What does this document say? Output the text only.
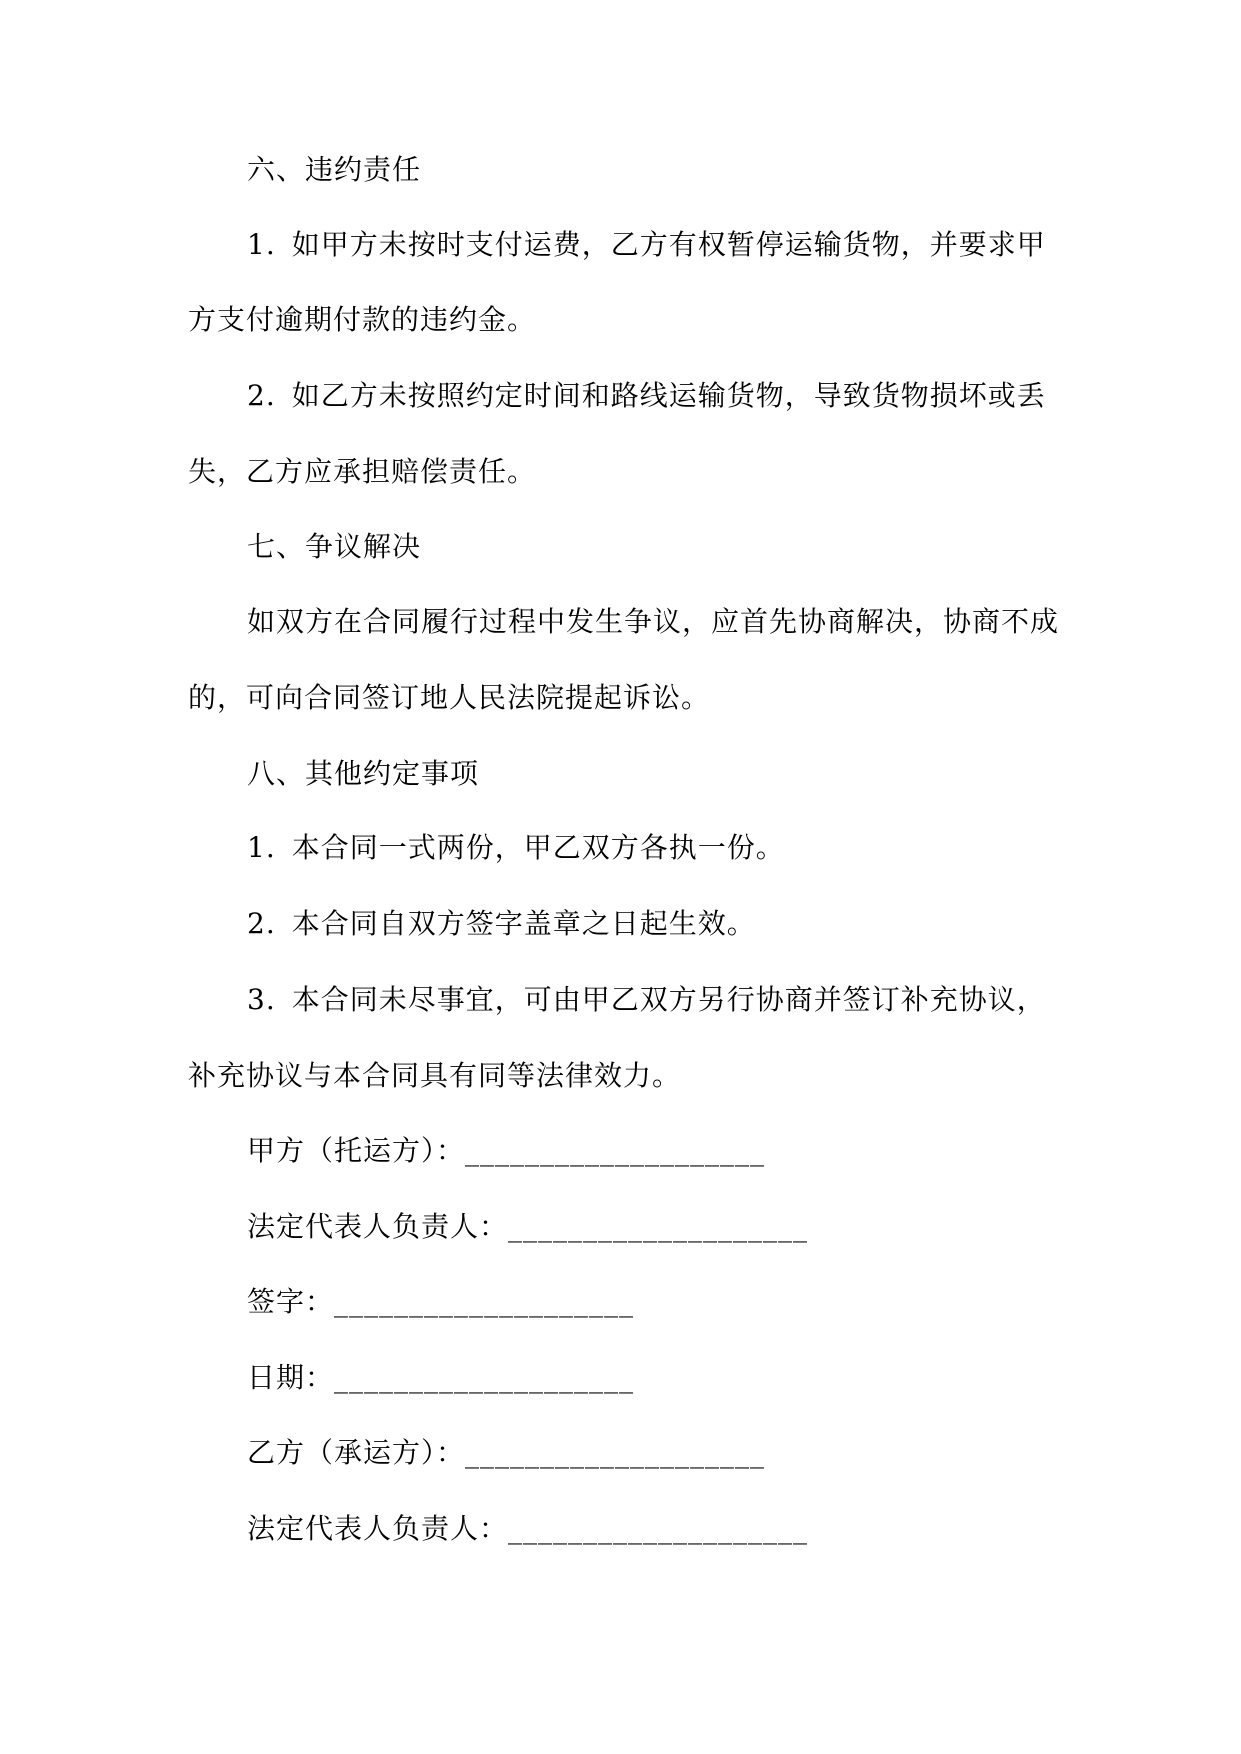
六、违约责任
1. 如甲方未按时支付运费，乙方有权暂停运输货物，并要求甲
方支付逾期付款的违约金。
2. 如乙方未按照约定时间和路线运输货物，导致货物损坏或丢
失，乙方应承担赔偿责任。
七、争议解决
如双方在合同履行过程中发生争议，应首先协商解决，协商不成
的，可向合同签订地人民法院提起诉讼。
八、其他约定事项
1. 本合同一式两份，甲乙双方各执一份。
2. 本合同自双方签字盖章之日起生效。
3. 本合同未尽事宜，可由甲乙双方另行协商并签订补充协议，
补充协议与本合同具有同等法律效力。
甲方（托运方）：____________________
法定代表人负责人：____________________
签字：____________________
日期：____________________
乙方（承运方）：____________________
法定代表人负责人：____________________
